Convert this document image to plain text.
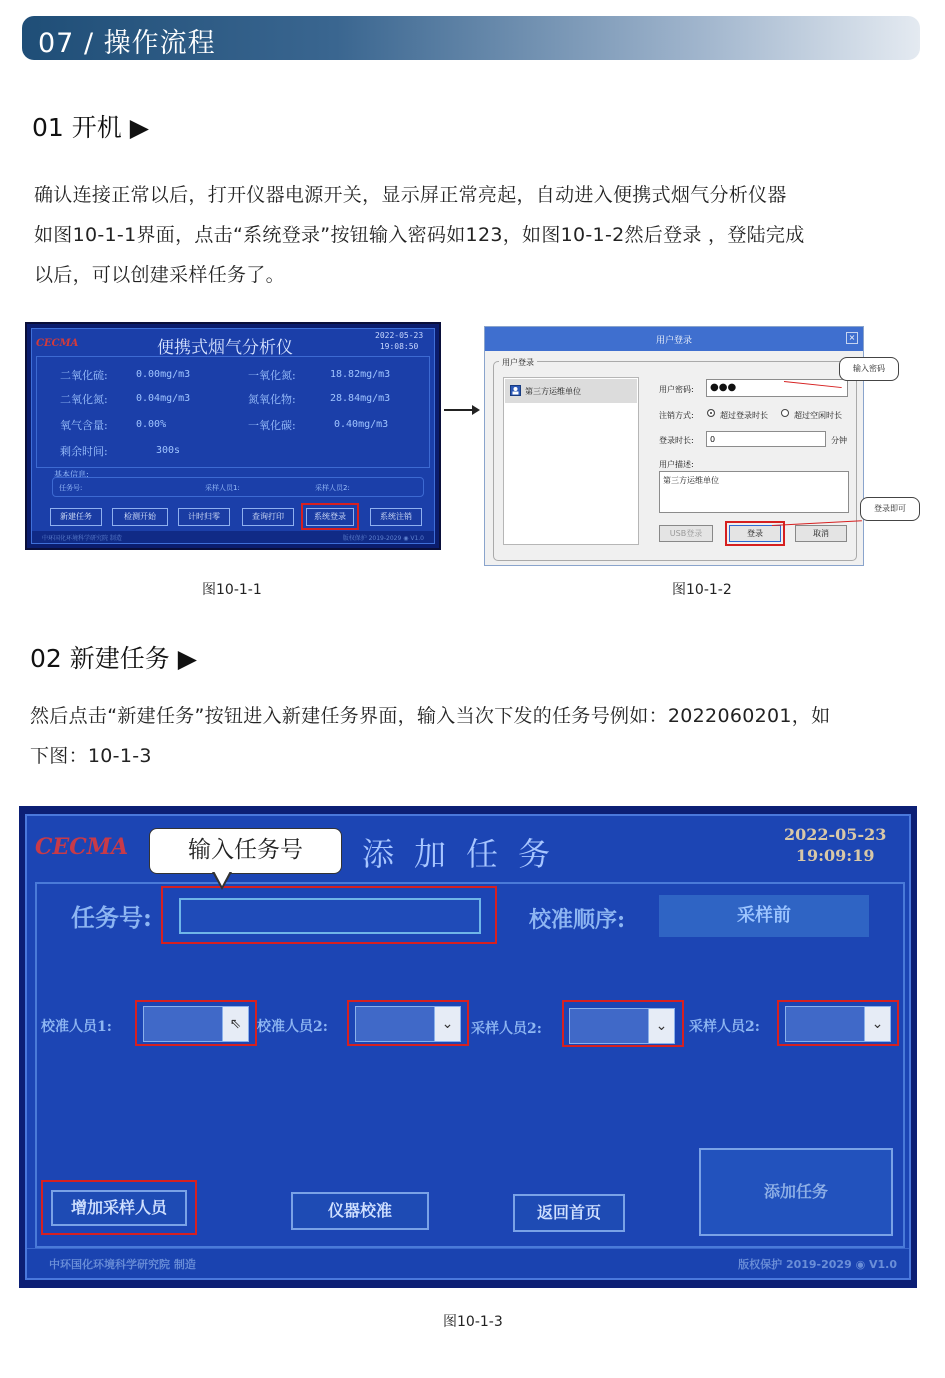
07 / 操作流程
01 开机 ▶
确认连接正常以后，打开仪器电源开关，显示屏正常亮起，自动进入便携式烟气分析仪器
如图10-1-1界面，点击“系统登录”按钮输入密码如123，如图10-1-2然后登录 ，登陆完成
以后，可以创建采样任务了。
CECMA	便携式烟气分析仪
2022-05-23
19:08:50
二氧化硫:	0.00mg/m3	一氧化氮:	18.82mg/m3
二氧化氮:	0.04mg/m3	氮氧化物:	28.84mg/m3
氧气含量:	0.00%	一氧化碳:	0.40mg/m3
剩余时间:	300s
基本信息:
任务号:	采样人员1:	采样人员2:
新建任务	检测开始	计时归零	查询打印	系统登录	系统注销
中环国化环境科学研究院 制造	版权保护 2019-2029 ◉ V1.0
图10-1-1
用户登录	×
用户登录
第三方运维单位	用户密码:	●●●
注销方式:	超过登录时长	超过空闲时长
登录时长:	0	分钟
用户描述:
第三方运维单位
USB登录	登录	取消
输入密码
登录即可
图10-1-2
02 新建任务 ▶
然后点击“新建任务”按钮进入新建任务界面，输入当次下发的任务号例如：2022060201，如
下图：10-1-3
CECMA	添加任务
2022-05-23
19:09:19
任务号:	校准顺序:	采样前
校准人员1:	⇖	校准人员2:	⌄	采样人员2:	⌄	采样人员2:	⌄
增加采样人员	仪器校准	返回首页
添加任务
中环国化环境科学研究院 制造	版权保护 2019-2029 ◉ V1.0
输入任务号
图10-1-3
